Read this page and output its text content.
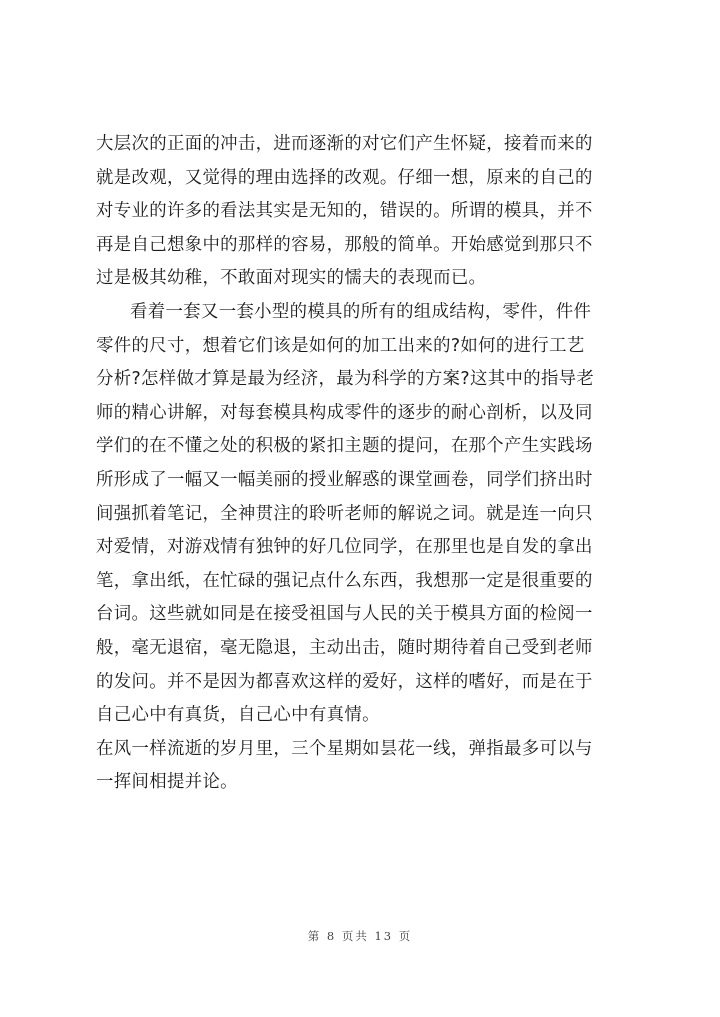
大层次的正面的冲击，进而逐渐的对它们产生怀疑，接着而来的
就是改观，又觉得的理由选择的改观。仔细一想，原来的自己的
对专业的许多的看法其实是无知的，错误的。所谓的模具，并不
再是自己想象中的那样的容易，那般的简单。开始感觉到那只不
过是极其幼稚，不敢面对现实的懦夫的表现而已。
看着一套又一套小型的模具的所有的组成结构，零件，件件
零件的尺寸，想着它们该是如何的加工出来的?如何的进行工艺
分析?怎样做才算是最为经济，最为科学的方案?这其中的指导老
师的精心讲解，对每套模具构成零件的逐步的耐心剖析，以及同
学们的在不懂之处的积极的紧扣主题的提问，在那个产生实践场
所形成了一幅又一幅美丽的授业解惑的课堂画卷，同学们挤出时
间强抓着笔记，全神贯注的聆听老师的解说之词。就是连一向只
对爱情，对游戏情有独钟的好几位同学，在那里也是自发的拿出
笔，拿出纸，在忙碌的强记点什么东西，我想那一定是很重要的
台词。这些就如同是在接受祖国与人民的关于模具方面的检阅一
般，毫无退宿，毫无隐退，主动出击，随时期待着自己受到老师
的发问。并不是因为都喜欢这样的爱好，这样的嗜好，而是在于
自己心中有真货，自己心中有真情。
在风一样流逝的岁月里，三个星期如昙花一线，弹指最多可以与
一挥间相提并论。
第 8 页共 13 页
